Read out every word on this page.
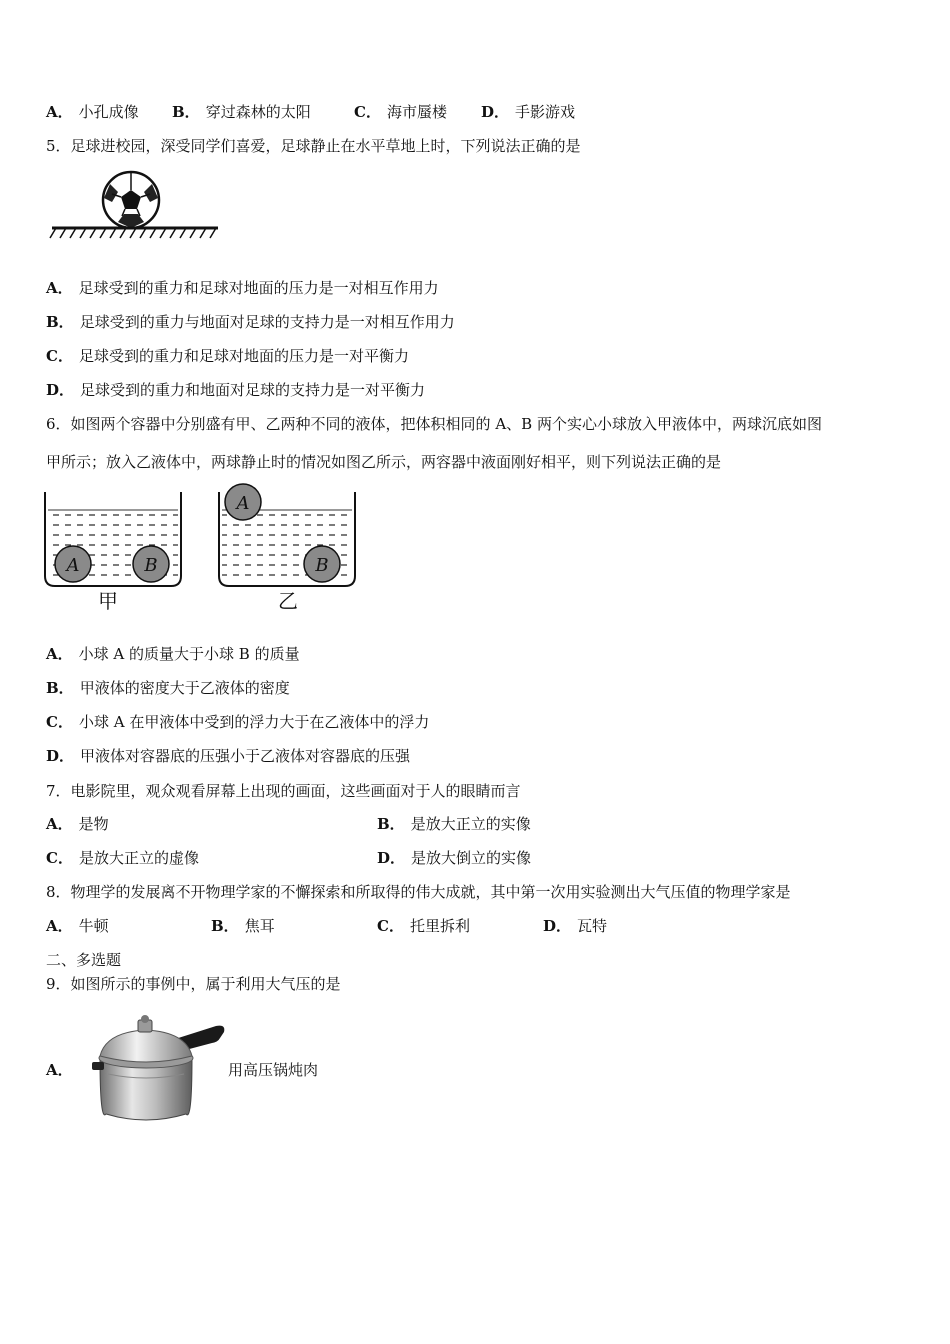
A． 小孔成像 B． 穿过森林的太阳	C． 海市蜃楼 D． 手影游戏
5．足球进校园，深受同学们喜爱，足球静止在水平草地上时，下列说法正确的是
A． 足球受到的重力和足球对地面的压力是一对相互作用力
B． 足球受到的重力与地面对足球的支持力是一对相互作用力
C． 足球受到的重力和足球对地面的压力是一对平衡力
D． 足球受到的重力和地面对足球的支持力是一对平衡力
6．如图两个容器中分别盛有甲、乙两种不同的液体，把体积相同的 A、B 两个实心小球放入甲液体中，两球沉底如图
甲所示；放入乙液体中，两球静止时的情况如图乙所示，两容器中液面刚好相平，则下列说法正确的是
A	B
甲
A
B
乙
A． 小球 A 的质量大于小球 B 的质量
B． 甲液体的密度大于乙液体的密度
C． 小球 A 在甲液体中受到的浮力大于在乙液体中的浮力
D． 甲液体对容器底的压强小于乙液体对容器底的压强
7．电影院里，观众观看屏幕上出现的画面，这些画面对于人的眼睛而言
A． 是物	B． 是放大正立的实像
C． 是放大正立的虚像	D． 是放大倒立的实像
8．物理学的发展离不开物理学家的不懈探索和所取得的伟大成就，其中第一次用实验测出大气压值的物理学家是
A． 牛顿	B． 焦耳	C． 托里拆利	D． 瓦特
二、多选题
9．如图所示的事例中，属于利用大气压的是
A．	用高压锅炖肉
